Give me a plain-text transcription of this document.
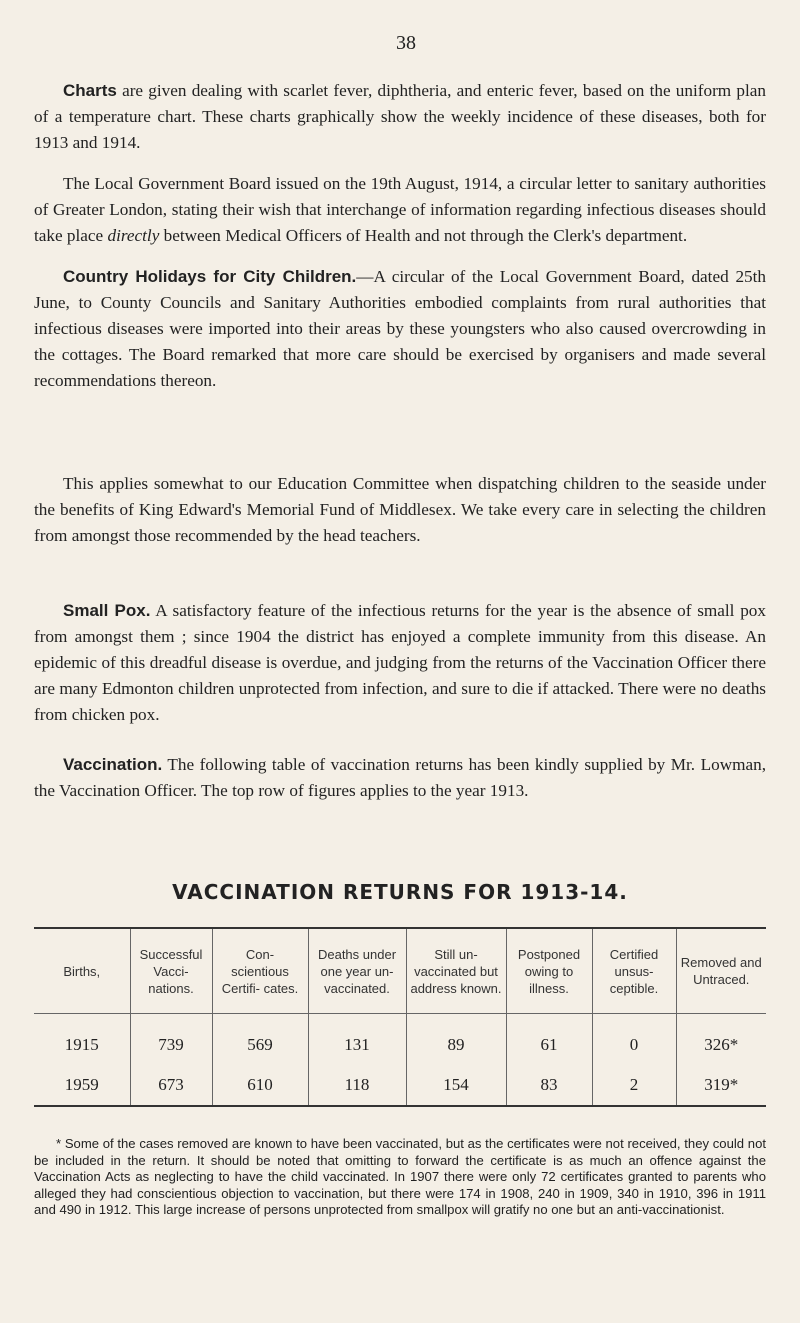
38

Charts are given dealing with scarlet fever, diphtheria, and enteric fever, based on the uniform plan of a temperature chart. These charts graphically show the weekly incidence of these diseases, both for 1913 and 1914.

The Local Government Board issued on the 19th August, 1914, a circular letter to sanitary authorities of Greater London, stating their wish that interchange of information regarding infectious diseases should take place directly between Medical Officers of Health and not through the Clerk's department.

Country Holidays for City Children.—A circular of the Local Government Board, dated 25th June, to County Councils and Sanitary Authorities embodied complaints from rural authorities that infectious diseases were imported into their areas by these youngsters who also caused overcrowding in the cottages. The Board remarked that more care should be exercised by organisers and made several recommendations thereon.

This applies somewhat to our Education Committee when dispatching children to the seaside under the benefits of King Edward's Memorial Fund of Middlesex. We take every care in selecting the children from amongst those recommended by the head teachers.

Small Pox. A satisfactory feature of the infectious returns for the year is the absence of small pox from amongst them ; since 1904 the district has enjoyed a complete immunity from this disease. An epidemic of this dreadful disease is overdue, and judging from the returns of the Vaccination Officer there are many Edmonton children unprotected from infection, and sure to die if attacked. There were no deaths from chicken pox.

Vaccination. The following table of vaccination returns has been kindly supplied by Mr. Lowman, the Vaccination Officer. The top row of figures applies to the year 1913.

VACCINATION RETURNS FOR 1913-14.
Births,	Successful Vacci- nations.	Con- scientious Certifi- cates.	Deaths under one year un- vaccinated.	Still un- vaccinated but address known.	Postponed owing to illness.	Certified unsus- ceptible.	Removed and Untraced.
1915	739	569	131	89	61	0	326*
1959	673	610	118	154	83	2	319*

* Some of the cases removed are known to have been vaccinated, but as the certificates were not received, they could not be included in the return. It should be noted that omitting to forward the certificate is as much an offence against the Vaccination Acts as neglecting to have the child vaccinated. In 1907 there were only 72 certificates granted to parents who alleged they had conscientious objection to vaccination, but there were 174 in 1908, 240 in 1909, 340 in 1910, 396 in 1911 and 490 in 1912. This large increase of persons unprotected from smallpox will gratify no one but an anti-vaccinationist.
